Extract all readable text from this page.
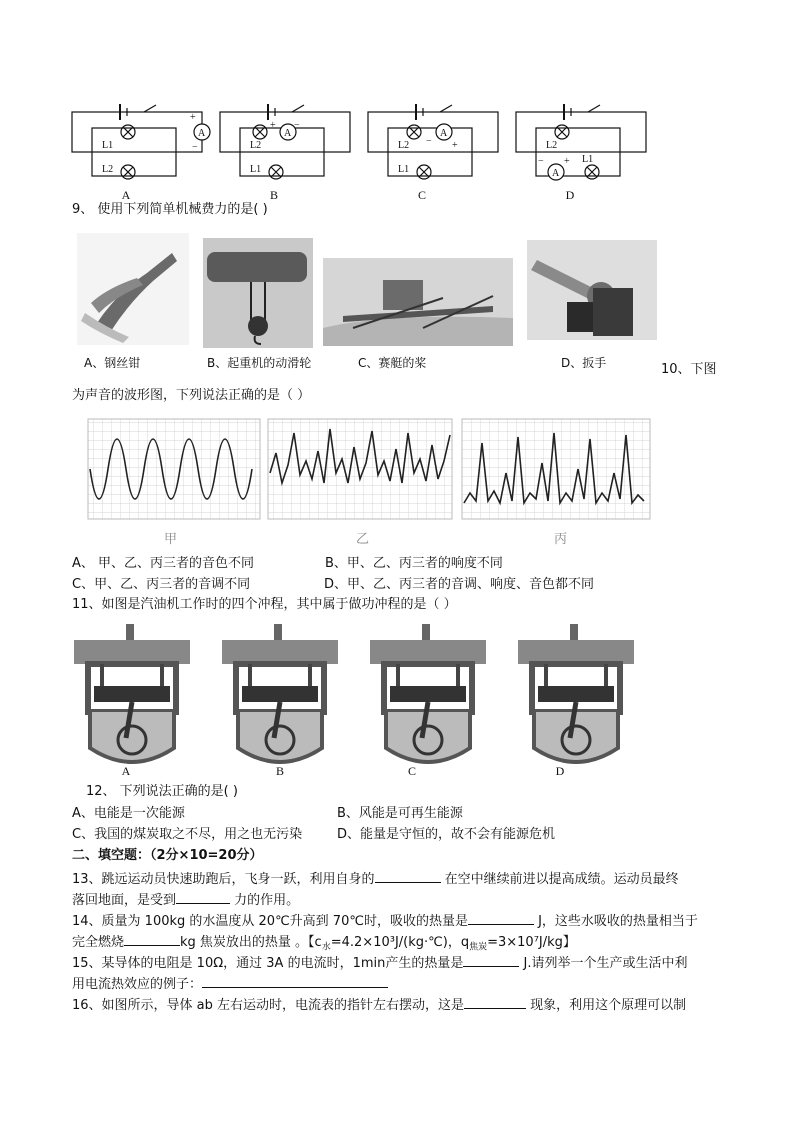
L1
L2
L2
L1
L2
L1
L2
L1
A	A	A
A
+
−
+ −
− +
− +
A	B	C	D
9、 使用下列简单机械费力的是( )
A、钢丝钳	B、起重机的动滑轮	C、赛艇的桨	D、扳手	10、下图
为声音的波形图，下列说法正确的是（ ）
甲	乙	丙
A、 甲、乙、丙三者的音色不同	B、甲、乙、丙三者的响度不同
C、甲、乙、丙三者的音调不同	D、甲、乙、丙三者的音调、响度、音色都不同
11、如图是汽油机工作时的四个冲程，其中属于做功冲程的是（ ）
A	B	C	D
12、 下列说法正确的是( )
A、电能是一次能源	B、风能是可再生能源
C、我国的煤炭取之不尽，用之也无污染	D、能量是守恒的，故不会有能源危机
二、填空题：（2分×10=20分）
13、跳远运动员快速助跑后，飞身一跃，利用自身的	在空中继续前进以提高成绩。运动员最终
落回地面，是受到	力的作用。
14、质量为 100kg 的水温度从 20℃升高到 70℃时，吸收的热量是	J，这些水吸收的热量相当于
完全燃烧	kg 焦炭放出的热量 。【$c_水=4.2\times 10^3J/(kg\cdot℃)$，$q_{焦炭}=3\times 10^7J/kg$】
15、某导体的电阻是 10Ω，通过 3A 的电流时，1min产生的热量是	J.请列举一个生产或生活中利
用电流热效应的例子：
16、如图所示，导体 ab 左右运动时，电流表的指针左右摆动，这是	现象，利用这个原理可以制
